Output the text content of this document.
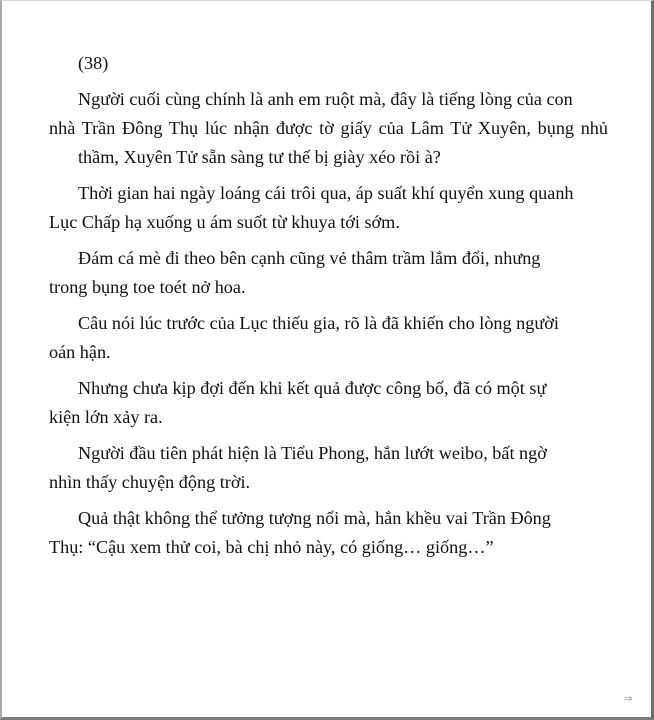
(38)

Người cuối cùng chính là anh em ruột mà, đây là tiếng lòng của con
nhà Trần Đông Thụ lúc nhận được tờ giấy của Lâm Tử Xuyên, bụng nhủ thầm, Xuyên Tử sẵn sàng tư thế bị giày xéo rồi à?

Thời gian hai ngày loáng cái trôi qua, áp suất khí quyển xung quanh
Lục Chấp hạ xuống u ám suốt từ khuya tới sớm.

Đám cá mè đi theo bên cạnh cũng vẻ thâm trầm lắm đổi, nhưng
trong bụng toe toét nở hoa.

Câu nói lúc trước của Lục thiếu gia, rõ là đã khiến cho lòng người
oán hận.

Nhưng chưa kịp đợi đến khi kết quả được công bố, đã có một sự
kiện lớn xảy ra.

Người đầu tiên phát hiện là Tiểu Phong, hắn lướt weibo, bất ngờ
nhìn thấy chuyện động trời.

Quả thật không thể tưởng tượng nổi mà, hắn khều vai Trần Đông
Thụ: “Cậu xem thử coi, bà chị nhỏ này, có giống… giống…”

⇒
